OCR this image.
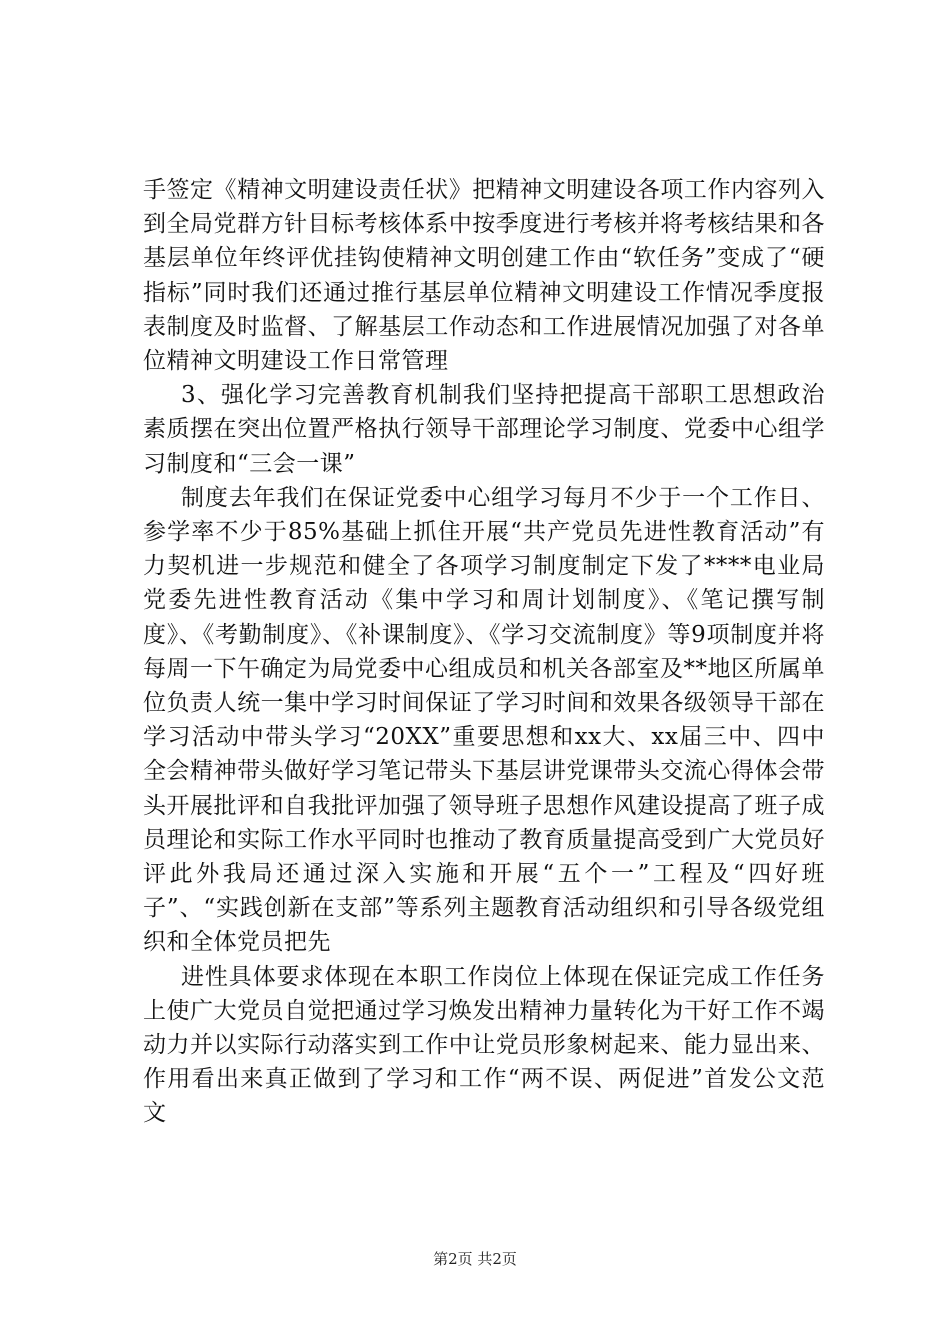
手签定《精神文明建设责任状》把精神文明建设各项工作内容列入到全局党群方针目标考核体系中按季度进行考核并将考核结果和各基层单位年终评优挂钩使精神文明创建工作由“软任务”变成了“硬指标”同时我们还通过推行基层单位精神文明建设工作情况季度报表制度及时监督、了解基层工作动态和工作进展情况加强了对各单位精神文明建设工作日常管理

3、强化学习完善教育机制我们坚持把提高干部职工思想政治素质摆在突出位置严格执行领导干部理论学习制度、党委中心组学习制度和“三会一课”

制度去年我们在保证党委中心组学习每月不少于一个工作日、参学率不少于85%基础上抓住开展“共产党员先进性教育活动”有力契机进一步规范和健全了各项学习制度制定下发了****电业局党委先进性教育活动《集中学习和周计划制度》、《笔记撰写制度》、《考勤制度》、《补课制度》、《学习交流制度》等9项制度并将每周一下午确定为局党委中心组成员和机关各部室及**地区所属单位负责人统一集中学习时间保证了学习时间和效果各级领导干部在学习活动中带头学习“20XX”重要思想和xx大、xx届三中、四中全会精神带头做好学习笔记带头下基层讲党课带头交流心得体会带头开展批评和自我批评加强了领导班子思想作风建设提高了班子成员理论和实际工作水平同时也推动了教育质量提高受到广大党员好评此外我局还通过深入实施和开展“五个一”工程及“四好班子”、“实践创新在支部”等系列主题教育活动组织和引导各级党组织和全体党员把先

进性具体要求体现在本职工作岗位上体现在保证完成工作任务上使广大党员自觉把通过学习焕发出精神力量转化为干好工作不竭动力并以实际行动落实到工作中让党员形象树起来、能力显出来、作用看出来真正做到了学习和工作“两不误、两促进”首发公文范文

第2页 共2页
